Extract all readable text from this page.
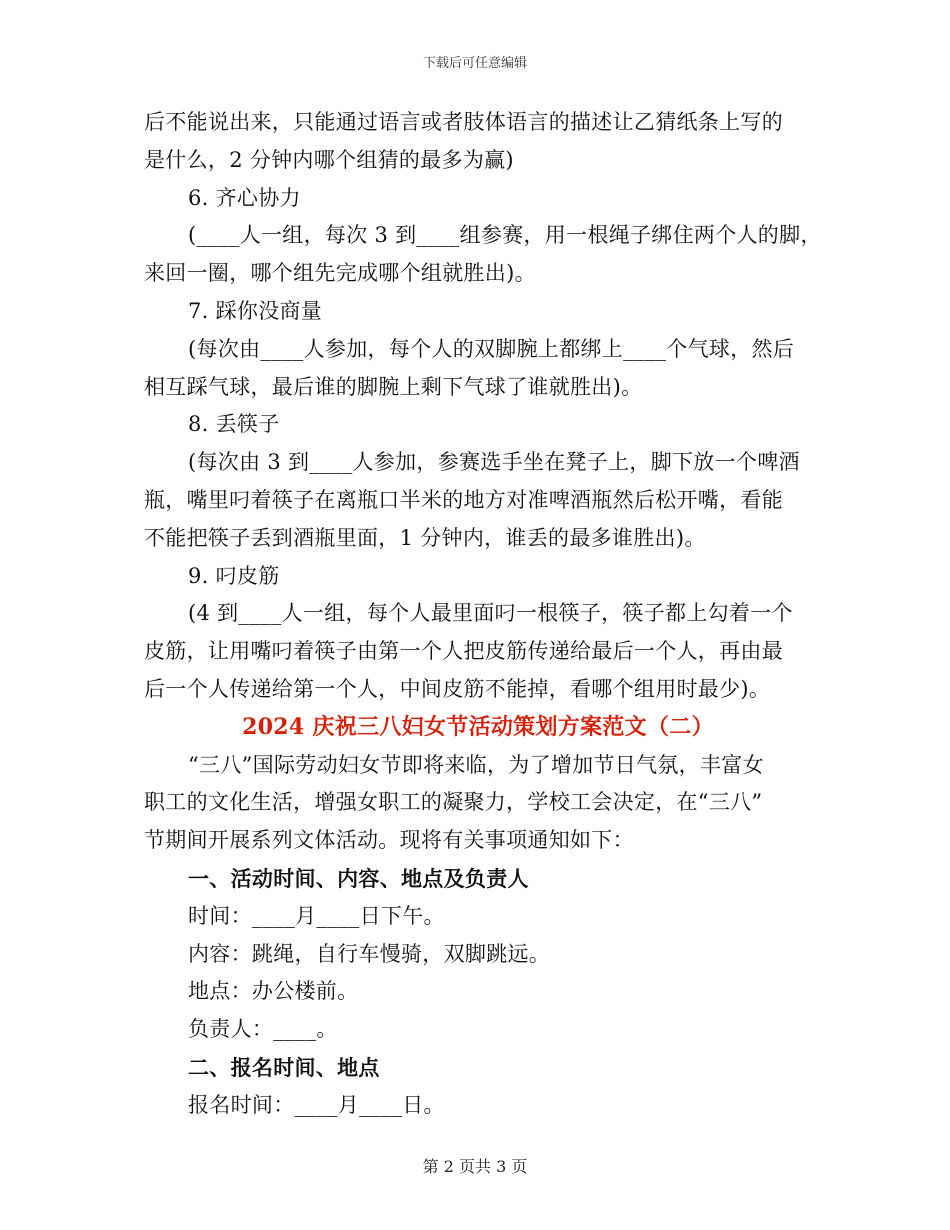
下载后可任意编辑
后不能说出来，只能通过语言或者肢体语言的描述让乙猜纸条上写的
是什么，2 分钟内哪个组猜的最多为赢)
6. 齐心协力
(____人一组，每次 3 到____组参赛，用一根绳子绑住两个人的脚，
来回一圈，哪个组先完成哪个组就胜出)。
7. 踩你没商量
(每次由____人参加，每个人的双脚腕上都绑上____个气球，然后
相互踩气球，最后谁的脚腕上剩下气球了谁就胜出)。
8. 丢筷子
(每次由 3 到____人参加，参赛选手坐在凳子上，脚下放一个啤酒
瓶，嘴里叼着筷子在离瓶口半米的地方对准啤酒瓶然后松开嘴，看能
不能把筷子丢到酒瓶里面，1 分钟内，谁丢的最多谁胜出)。
9. 叼皮筋
(4 到____人一组，每个人最里面叼一根筷子，筷子都上勾着一个
皮筋，让用嘴叼着筷子由第一个人把皮筋传递给最后一个人，再由最
后一个人传递给第一个人，中间皮筋不能掉，看哪个组用时最少)。
2024 庆祝三八妇女节活动策划方案范文（二）
“三八”国际劳动妇女节即将来临，为了增加节日气氛，丰富女
职工的文化生活，增强女职工的凝聚力，学校工会决定，在“三八”
节期间开展系列文体活动。现将有关事项通知如下：
一、活动时间、内容、地点及负责人
时间：____月____日下午。
内容：跳绳，自行车慢骑，双脚跳远。
地点：办公楼前。
负责人：____。
二、报名时间、地点
报名时间：____月____日。
第 2 页共 3 页
